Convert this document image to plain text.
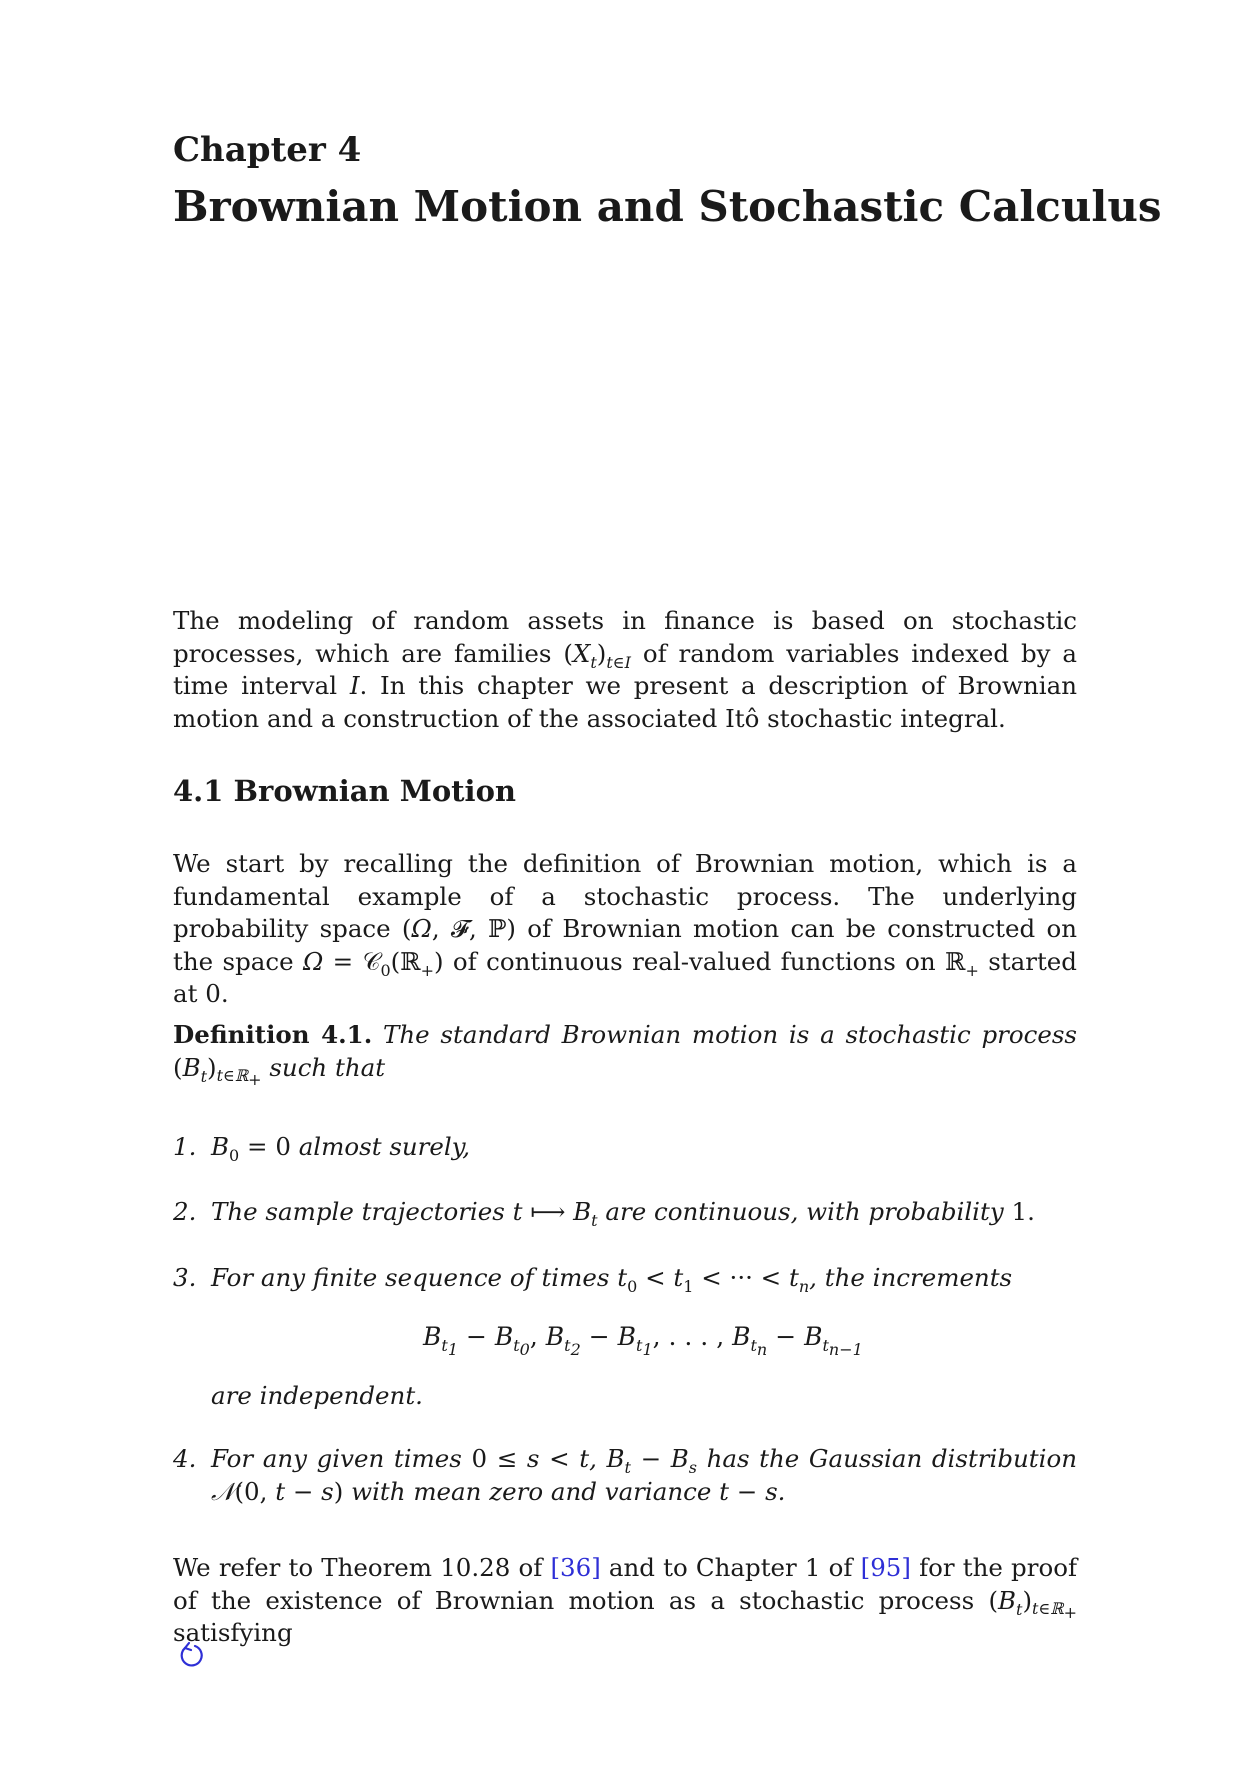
Chapter 4
Brownian Motion and Stochastic Calculus

The modeling of random assets in finance is based on stochastic processes, which are families $(X_t)_{t\in I}$ of random variables indexed by a time interval I. In this chapter we present a description of Brownian motion and a construction of the associated Itô stochastic integral.

4.1 Brownian Motion

We start by recalling the definition of Brownian motion, which is a fundamental example of a stochastic process. The underlying probability space (Ω, 𝓕, ℙ) of Brownian motion can be constructed on the space Ω = 𝒞$_0$(ℝ$_+$) of continuous real-valued functions on ℝ$_+$ started at 0.

Definition 4.1. The standard Brownian motion is a stochastic process $(B_t)_{t\in ℝ_+}$ such that

1. $B_0 = 0$ almost surely,
2. The sample trajectories t ⟼ $B_t$ are continuous, with probability 1.
3. For any finite sequence of times $t_0 < t_1$ < ··· < $t_n$, the increments
$B_{t_1} - B_{t_0}$, $B_{t_2} - B_{t_1}$, . . . , $B_{t_n} - B_{t_{n-1}}$
are independent.
4. For any given times 0 ≤ s < t, $B_t - B_s$ has the Gaussian distribution 𝒩(0, t − s) with mean zero and variance t − s.

We refer to Theorem 10.28 of [36] and to Chapter 1 of [95] for the proof of the existence of Brownian motion as a stochastic process $(B_t)_{t\in ℝ_+}$ satisfying
